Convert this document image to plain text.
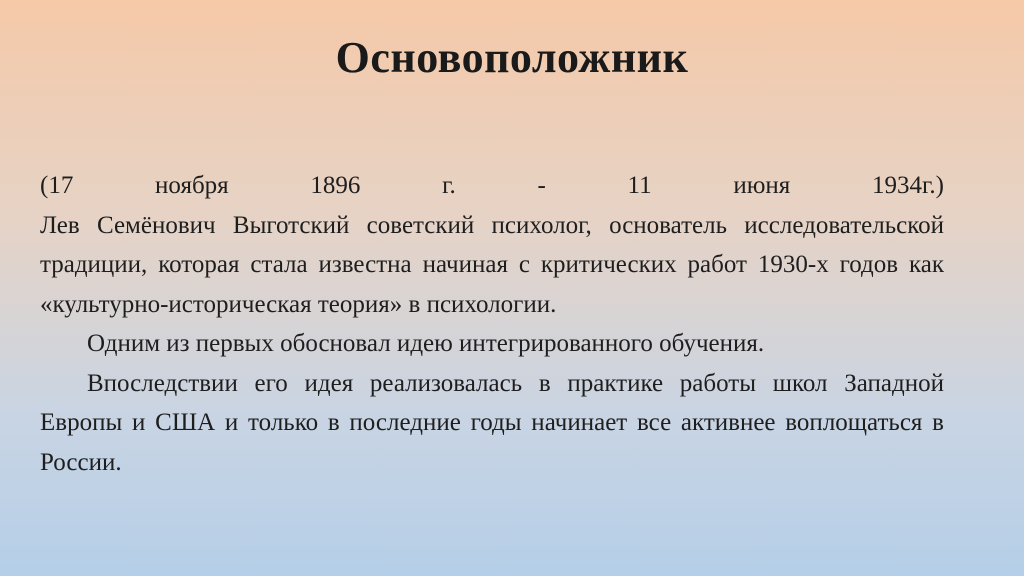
Основоположник

(17 ноября 1896 г. - 11 июня 1934г.)

Лев Семёнович Выготский советский психолог, основатель исследовательской традиции, которая стала известна начиная с критических работ 1930-х годов как «культурно-историческая теория» в психологии.

Одним из первых обосновал идею интегрированного обучения.

Впоследствии его идея реализовалась в практике работы школ Западной Европы и США и только в последние годы начинает все активнее воплощаться в России.
